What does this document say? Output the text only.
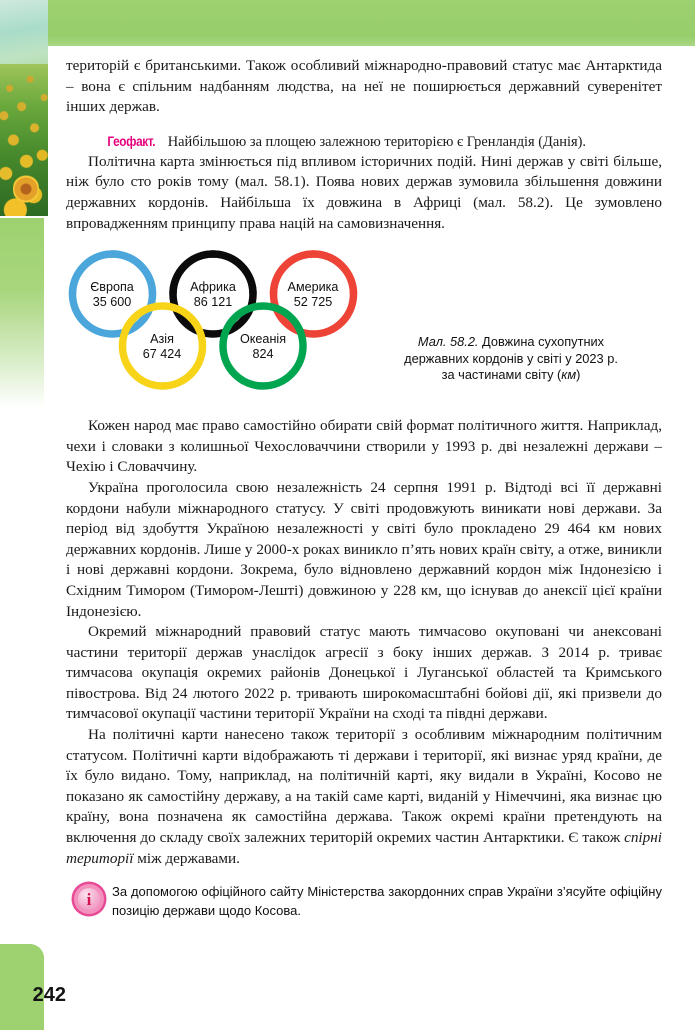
242

територій є британськими. Також особливий міжнародно-правовий статус має Антарктида – вона є спільним надбанням людства, на неї не поширюється державний суверенітет інших держав.

Геофакт. Найбільшою за площею залежною територією є Гренландія (Данія).

Політична карта змінюється під впливом історичних подій. Нині держав у світі більше, ніж було сто років тому (мал. 58.1). Поява нових держав зумовила збільшення довжини державних кордонів. Найбільша їх довжина в Африці (мал. 58.2). Це зумовлено впровадженням принципу права націй на самовизначення.

Європа
35 600
Африка
86 121
Америка
52 725
Азія
67 424
Океанія
824
Мал. 58.2. Довжина сухопутних
державних кордонів у світі у 2023 р.
за частинами світу (км)

Кожен народ має право самостійно обирати свій формат політичного життя. Наприклад, чехи і словаки з колишньої Чехословаччини створили у 1993 р. дві незалежні держави – Чехію і Словаччину.

Україна проголосила свою незалежність 24 серпня 1991 р. Відтоді всі її державні кордони набули міжнародного статусу. У світі продовжують виникати нові держави. За період від здобуття Україною незалежності у світі було прокладено 29 464 км нових державних кордонів. Лише у 2000-х роках виникло п’ять нових країн світу, а отже, виникли і нові державні кордони. Зокрема, було відновлено державний кордон між Індонезією і Східним Тимором (Тимором-Лешті) довжиною у 228 км, що існував до анексії цієї країни Індонезією.

Окремий міжнародний правовий статус мають тимчасово окуповані чи анексовані частини території держав унаслідок агресії з боку інших держав. З 2014 р. триває тимчасова окупація окремих районів Донецької і Луганської областей та Кримського півострова. Від 24 лютого 2022 р. тривають широкомасштабні бойові дії, які призвели до тимчасової окупації частини території України на сході та півдні держави.

На політичні карти нанесено також території з особливим міжнародним політичним статусом. Політичні карти відображають ті держави і території, які визнає уряд країни, де їх було видано. Тому, наприклад, на політичній карті, яку видали в Україні, Косово не показано як самостійну державу, а на такій саме карті, виданій у Німеччині, яка визнає цю країну, вона позначена як самостійна держава. Також окремі країни претендують на включення до складу своїх залежних територій окремих частин Антарктики. Є також спірні території між державами.

i	За допомогою офіційного сайту Міністерства закордонних справ України з’ясуйте офіційну позицію держави щодо Косова.
